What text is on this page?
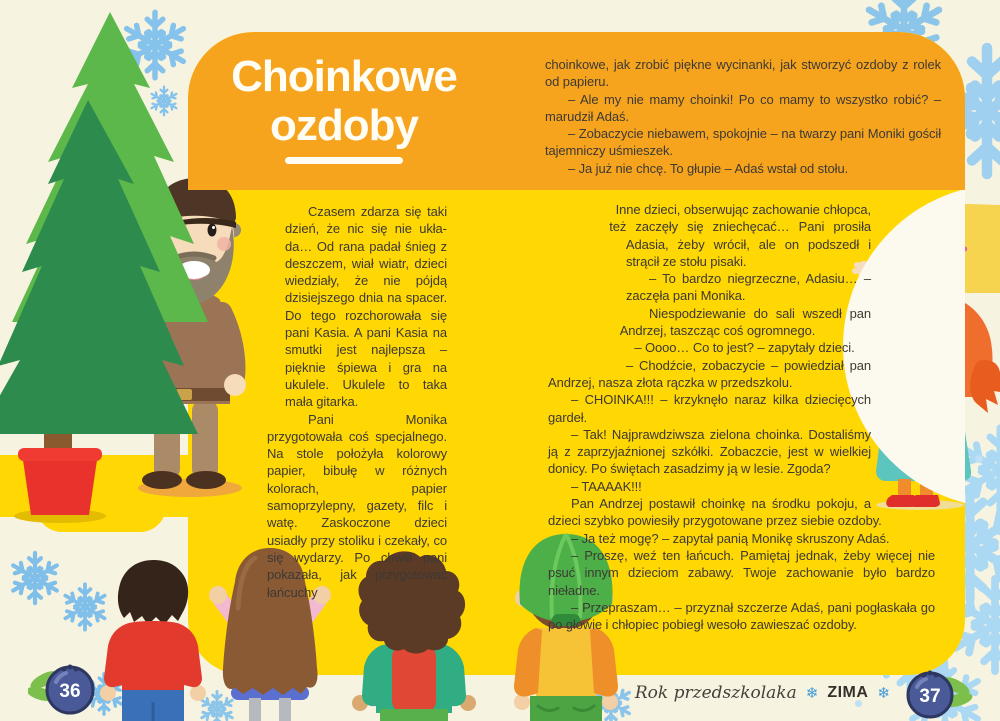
Choinkowe ozdoby

choinkowe, jak zrobić piękne wycinanki, jak stworzyć ozdoby z rolek od papieru.

– Ale my nie mamy choinki! Po co mamy to wszystko robić? – marudził Adaś.

– Zobaczycie niebawem, spokojnie – na twarzy pani Moniki gościł tajemniczy uśmieszek.

– Ja już nie chcę. To głupie – Adaś wstał od stołu.

Czasem zdarza się taki dzień, że nic się nie układa… Od rana padał śnieg z deszczem, wiał wiatr, dzieci wiedziały, że nie pójdą dzisiejszego dnia na spacer. Do tego rozchorowała się pani Kasia. A pani Kasia na smutki jest najlepsza – pięknie śpiewa i gra na ukulele. Ukulele to taka mała gitarka.

Pani Monika przygotowała coś specjalnego. Na stole położyła kolorowy papier, bibułę w różnych kolorach, papier samoprzylepny, gazety, filc i watę. Zaskoczone dzieci usiadły przy stoliku i czekały, co się wydarzy. Po chwili pani pokazała, jak przygotować łańcuchy

Inne dzieci, obserwując zachowanie chłopca, też zaczęły się zniechęcać… Pani prosiła Adasia, żeby wrócił, ale on podszedł i strącił ze stołu pisaki.

– To bardzo niegrzeczne, Adasiu… – zaczęła pani Monika.

Niespodziewanie do sali wszedł pan Andrzej, taszcząc coś ogromnego.

– Oooo… Co to jest? – zapytały dzieci.

– Chodźcie, zobaczycie – powiedział pan Andrzej, nasza złota rączka w przedszkolu.

– CHOINKA!!! – krzyknęło naraz kilka dziecięcych gardeł.

– Tak! Najprawdziwsza zielona choinka. Dostaliśmy ją z zaprzyjaźnionej szkółki. Zobaczcie, jest w wielkiej donicy. Po świętach zasadzimy ją w lesie. Zgoda?

– TAAAAK!!!

Pan Andrzej postawił choinkę na środku pokoju, a dzieci szybko powiesiły przygotowane przez siebie ozdoby.

– Ja też mogę? – zapytał panią Monikę skruszony Adaś.

– Proszę, weź ten łańcuch. Pamiętaj jednak, żeby więcej nie psuć innym dzieciom zabawy. Twoje zachowanie było bardzo nieładne.

– Przepraszam… – przyznał szczerze Adaś, pani pogłaskała go po głowie i chłopiec pobiegł wesoło zawieszać ozdoby.

36	37
Rok przedszkolaka ❄ ZIMA ❄
